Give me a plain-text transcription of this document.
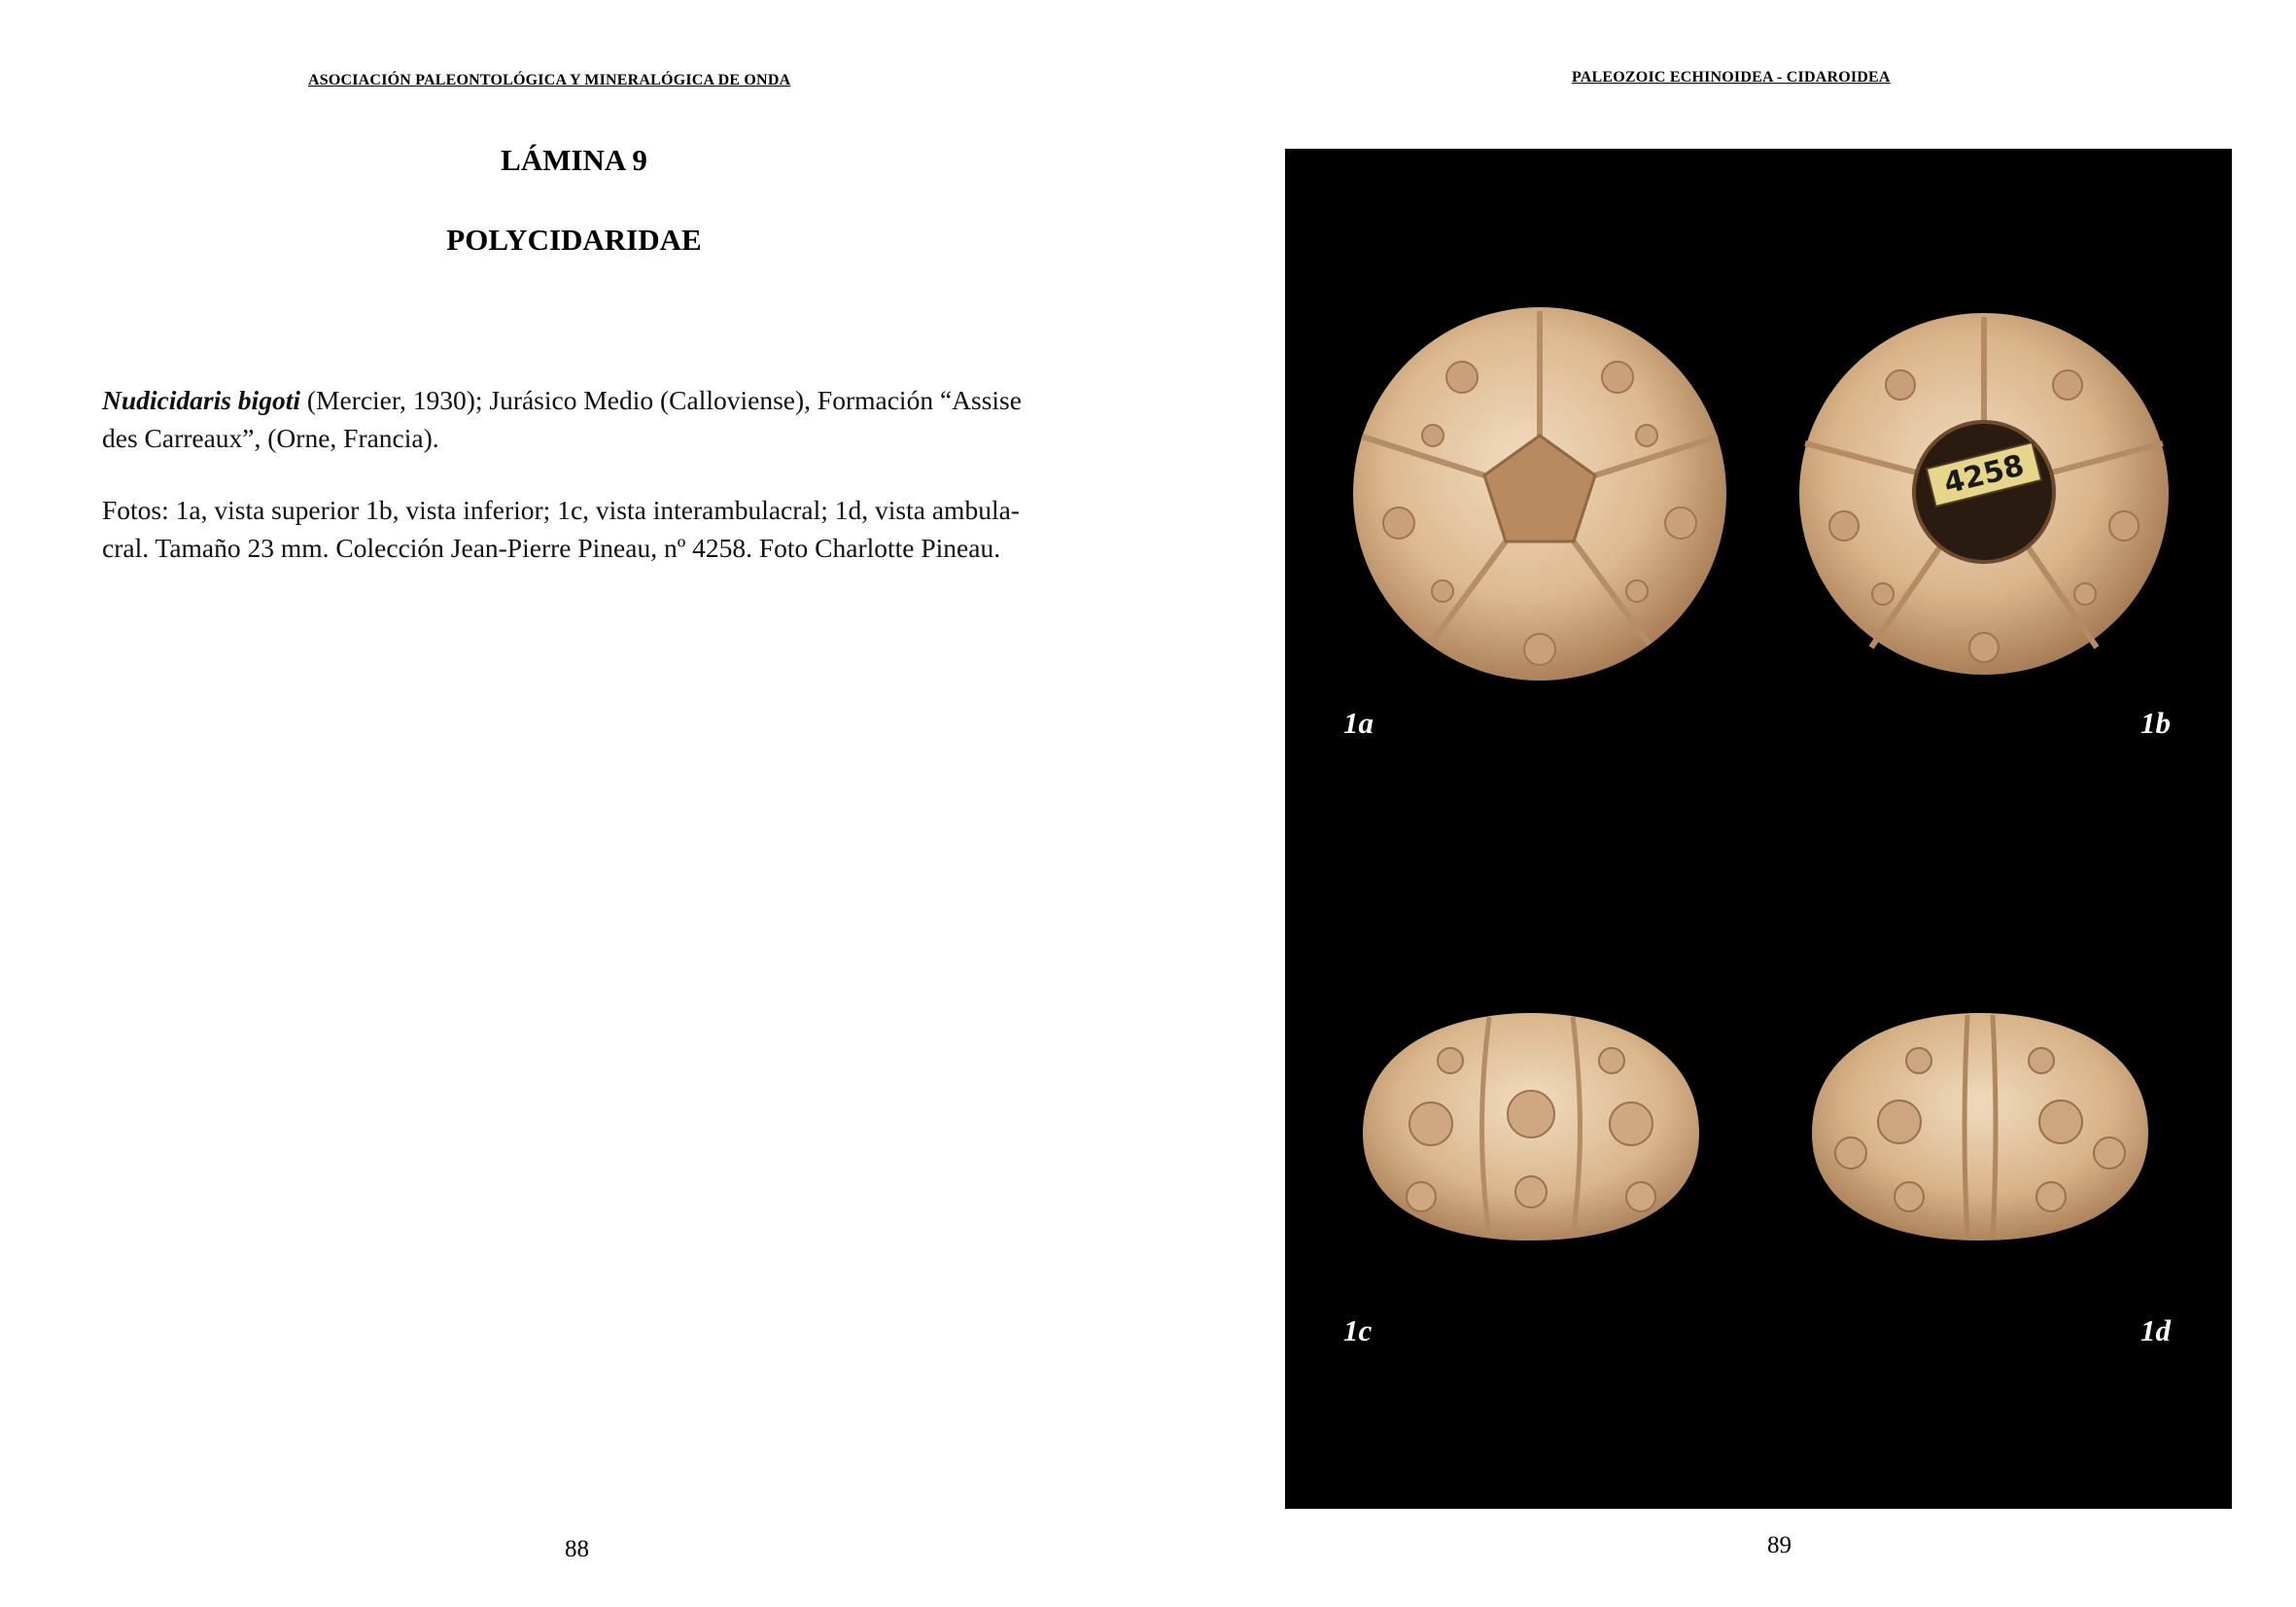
ASOCIACIÓN PALEONTOLÓGICA Y MINERALÓGICA DE ONDA
LÁMINA 9
POLYCIDARIDAE

Nudicidaris bigoti (Mercier, 1930); Jurásico Medio (Calloviense), Formación “Assise

des Carreaux”, (Orne, Francia).

Fotos: 1a, vista superior 1b, vista inferior; 1c, vista interambulacral; 1d, vista ambula-

cral. Tamaño 23 mm. Colección Jean-Pierre Pineau, nº 4258. Foto Charlotte Pineau.

88
PALEOZOIC ECHINOIDEA - CIDAROIDEA
4258
1a	1b
1c	1d
89
